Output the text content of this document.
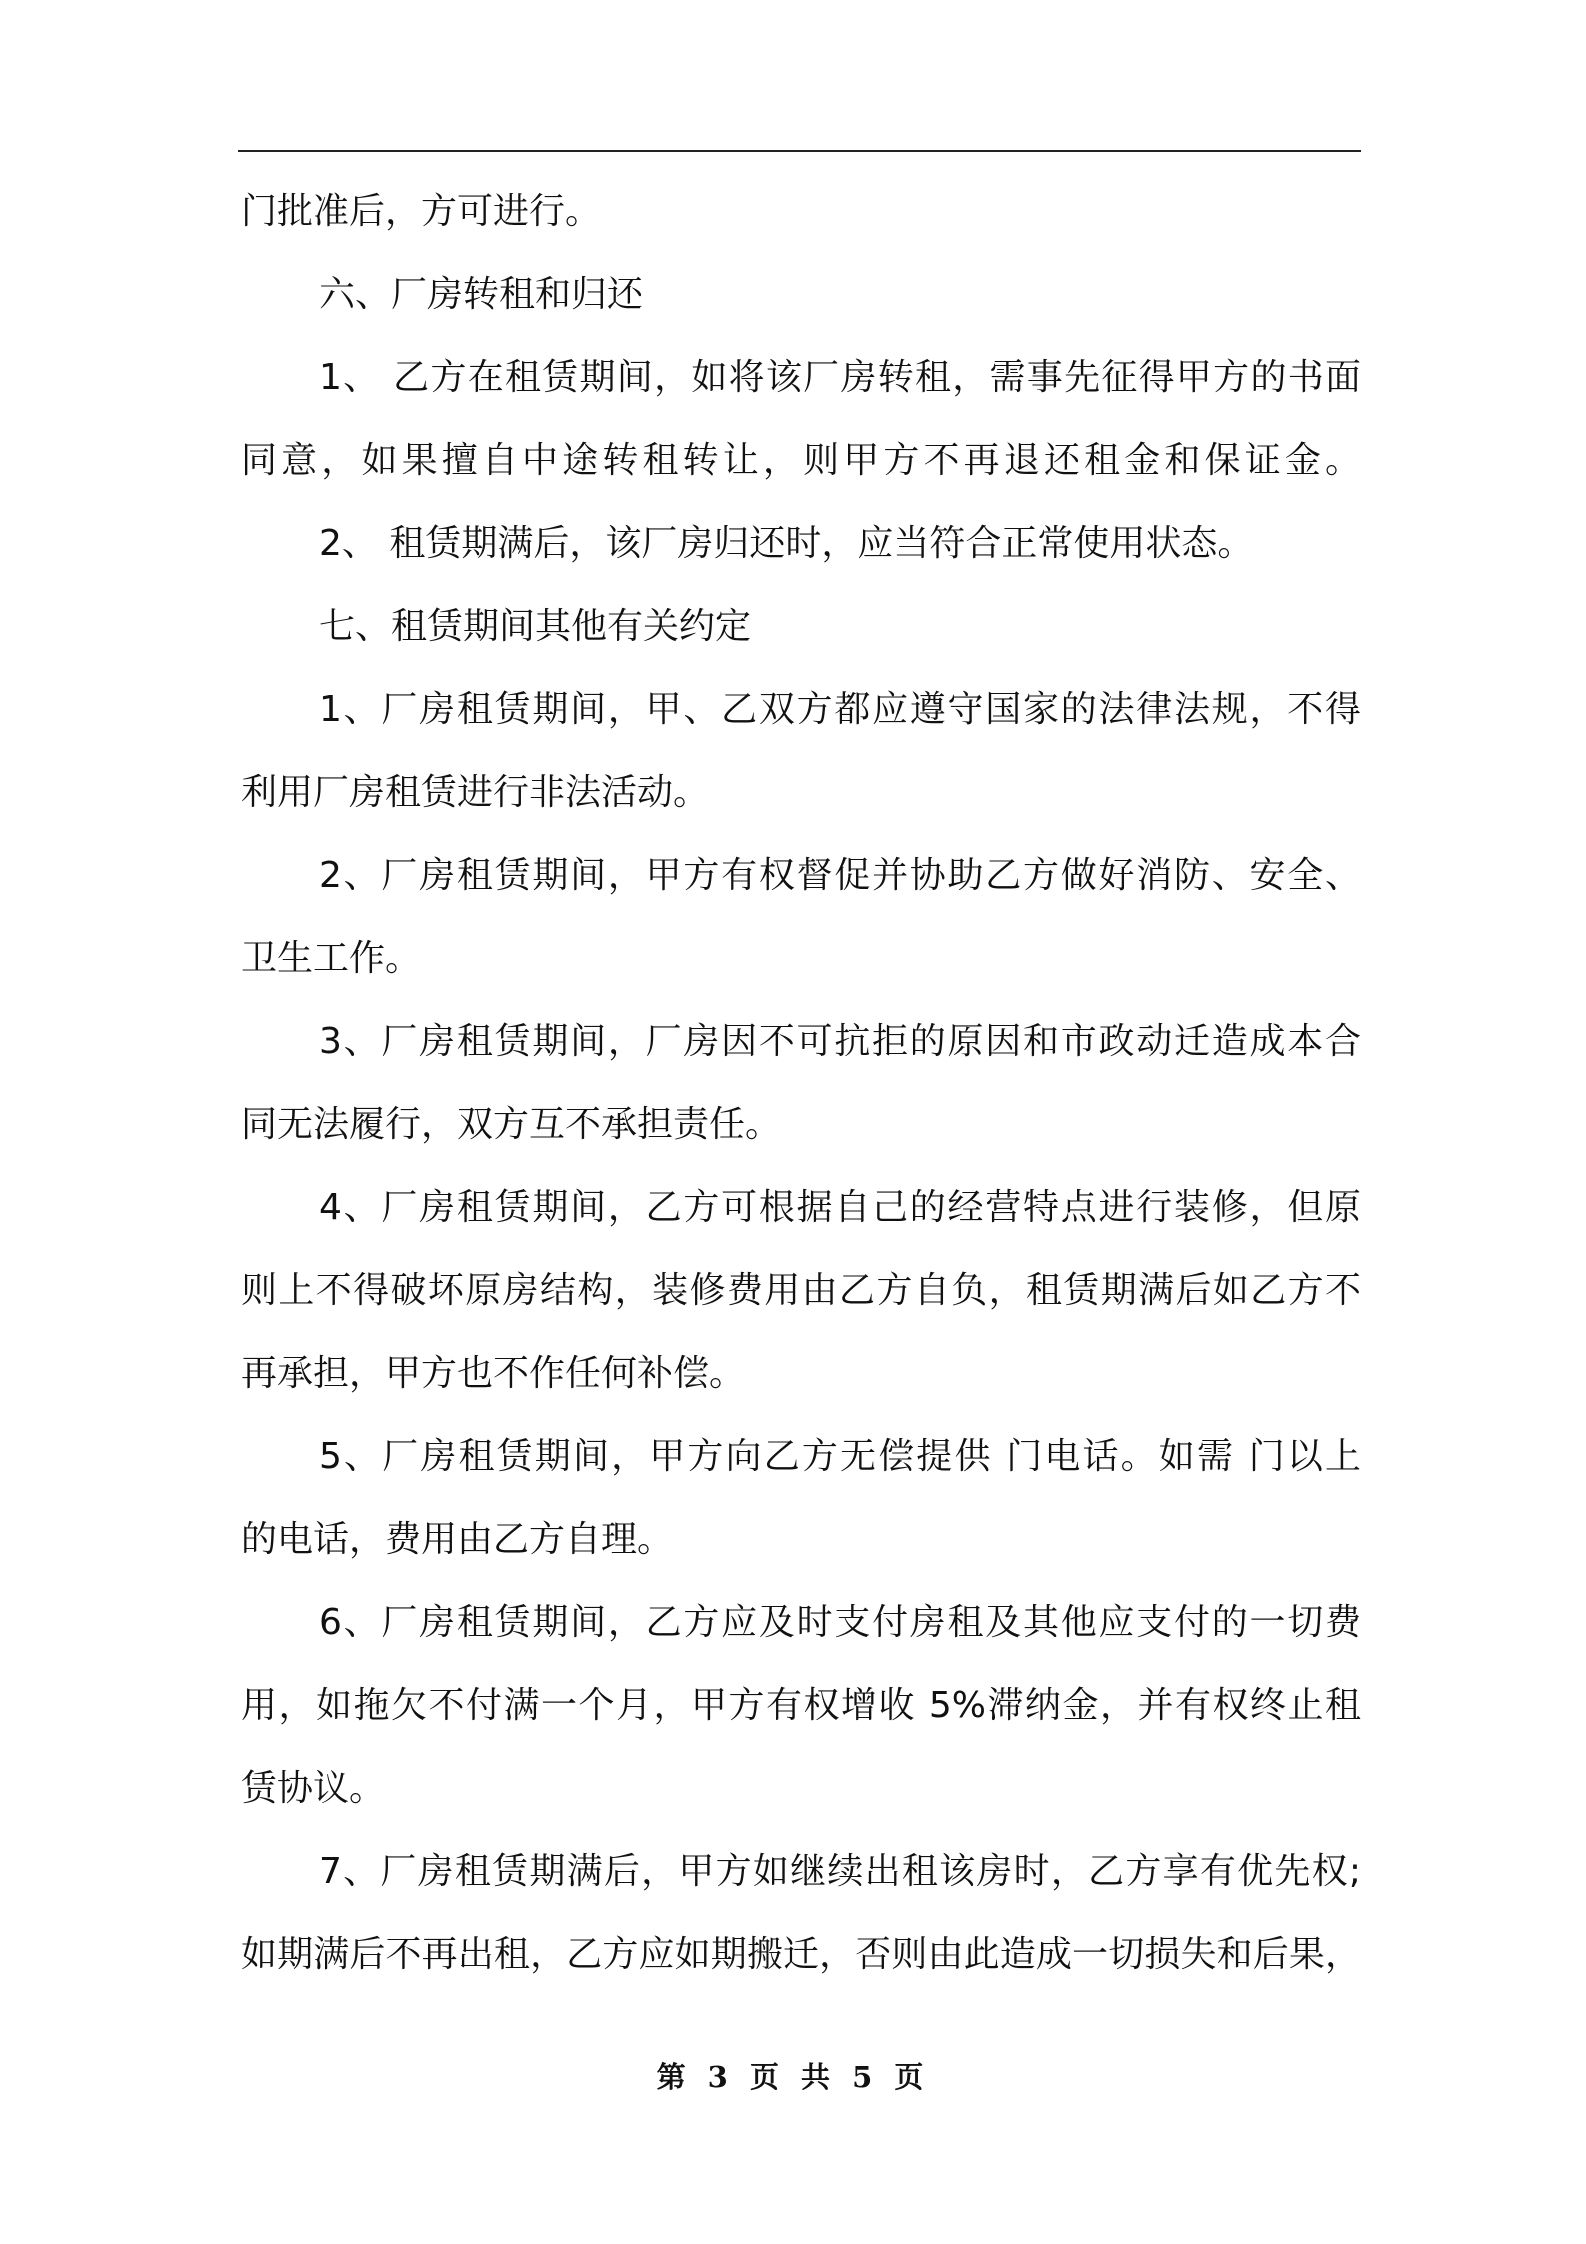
门批准后，方可进行。
六、厂房转租和归还
1、 乙方在租赁期间，如将该厂房转租，需事先征得甲方的书面
同意，如果擅自中途转租转让，则甲方不再退还租金和保证金。
2、 租赁期满后，该厂房归还时，应当符合正常使用状态。
七、租赁期间其他有关约定
1、厂房租赁期间，甲、乙双方都应遵守国家的法律法规，不得
利用厂房租赁进行非法活动。
2、厂房租赁期间，甲方有权督促并协助乙方做好消防、安全、
卫生工作。
3、厂房租赁期间，厂房因不可抗拒的原因和市政动迁造成本合
同无法履行，双方互不承担责任。
4、厂房租赁期间，乙方可根据自己的经营特点进行装修，但原
则上不得破坏原房结构，装修费用由乙方自负，租赁期满后如乙方不
再承担，甲方也不作任何补偿。
5、厂房租赁期间，甲方向乙方无偿提供 门电话。如需 门以上
的电话，费用由乙方自理。
6、厂房租赁期间，乙方应及时支付房租及其他应支付的一切费
用，如拖欠不付满一个月，甲方有权增收 5%滞纳金，并有权终止租
赁协议。
7、厂房租赁期满后，甲方如继续出租该房时，乙方享有优先权;
如期满后不再出租，乙方应如期搬迁，否则由此造成一切损失和后果，
第 3 页 共 5 页
